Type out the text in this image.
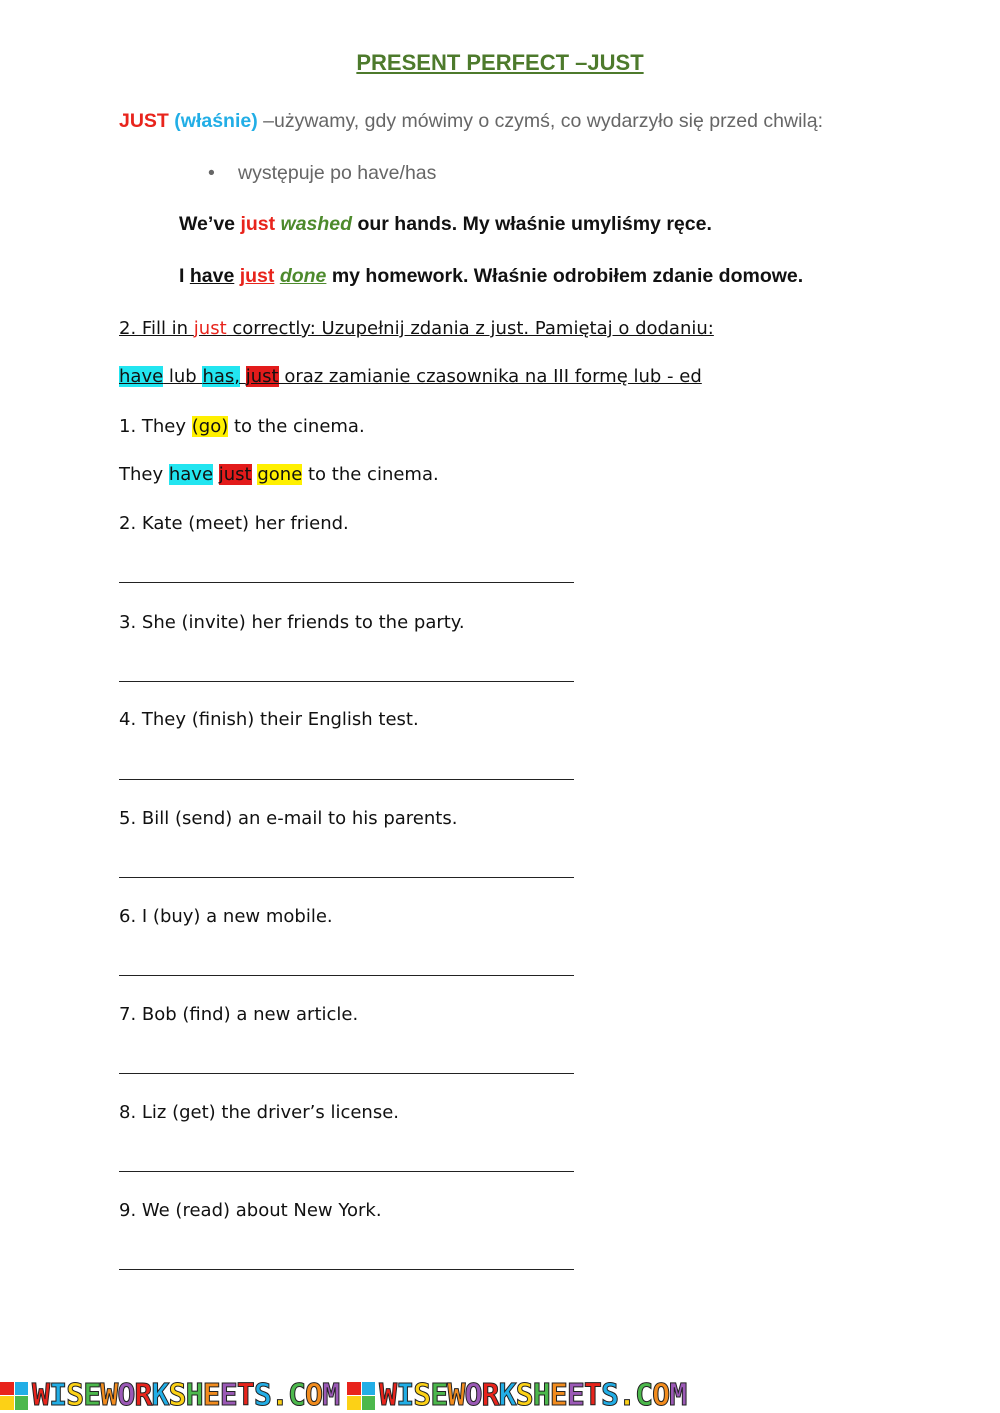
PRESENT PERFECT –JUST
JUST (właśnie) –używamy, gdy mówimy o czymś, co wydarzyło się przed chwilą:
• występuje po have/has
We’ve just washed our hands. My właśnie umyliśmy ręce.
I have just done my homework. Właśnie odrobiłem zdanie domowe.
2. Fill in just correctly: Uzupełnij zdania z just. Pamiętaj o dodaniu:
have lub has, just oraz zamianie czasownika na III formę lub - ed
1. They (go) to the cinema.
They have just gone to the cinema.
2. Kate (meet) her friend.
3. She (invite) her friends to the party.
4. They (finish) their English test.
5. Bill (send) an e-mail to his parents.
6. I (buy) a new mobile.
7. Bob (find) a new article.
8. Liz (get) the driver’s license.
9. We (read) about New York.
WISEWORKSHEETS.COM WISEWORKSHEETS.COM
